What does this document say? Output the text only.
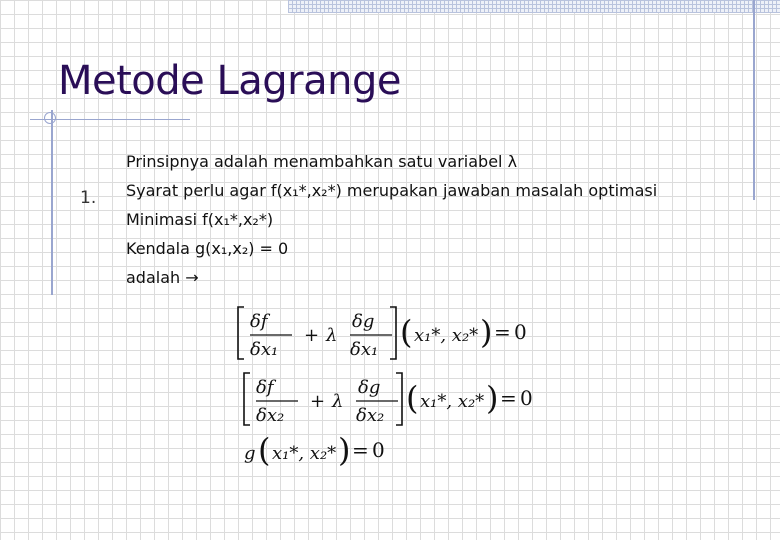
Metode Lagrange
1.
Prinsipnya adalah menambahkan satu variabel λ
Syarat perlu agar f(x₁*,x₂*) merupakan jawaban masalah optimasi
Minimasi f(x₁*,x₂*)
Kendala g(x₁,x₂) = 0
adalah →
δf
δx₁
+ λ
δg
δx₁ ( x₁*, x₂* ) = 0
δf
δx₂
+ λ
δg
δx₂ ( x₁*, x₂* ) = 0
g ( x₁*, x₂* ) = 0
